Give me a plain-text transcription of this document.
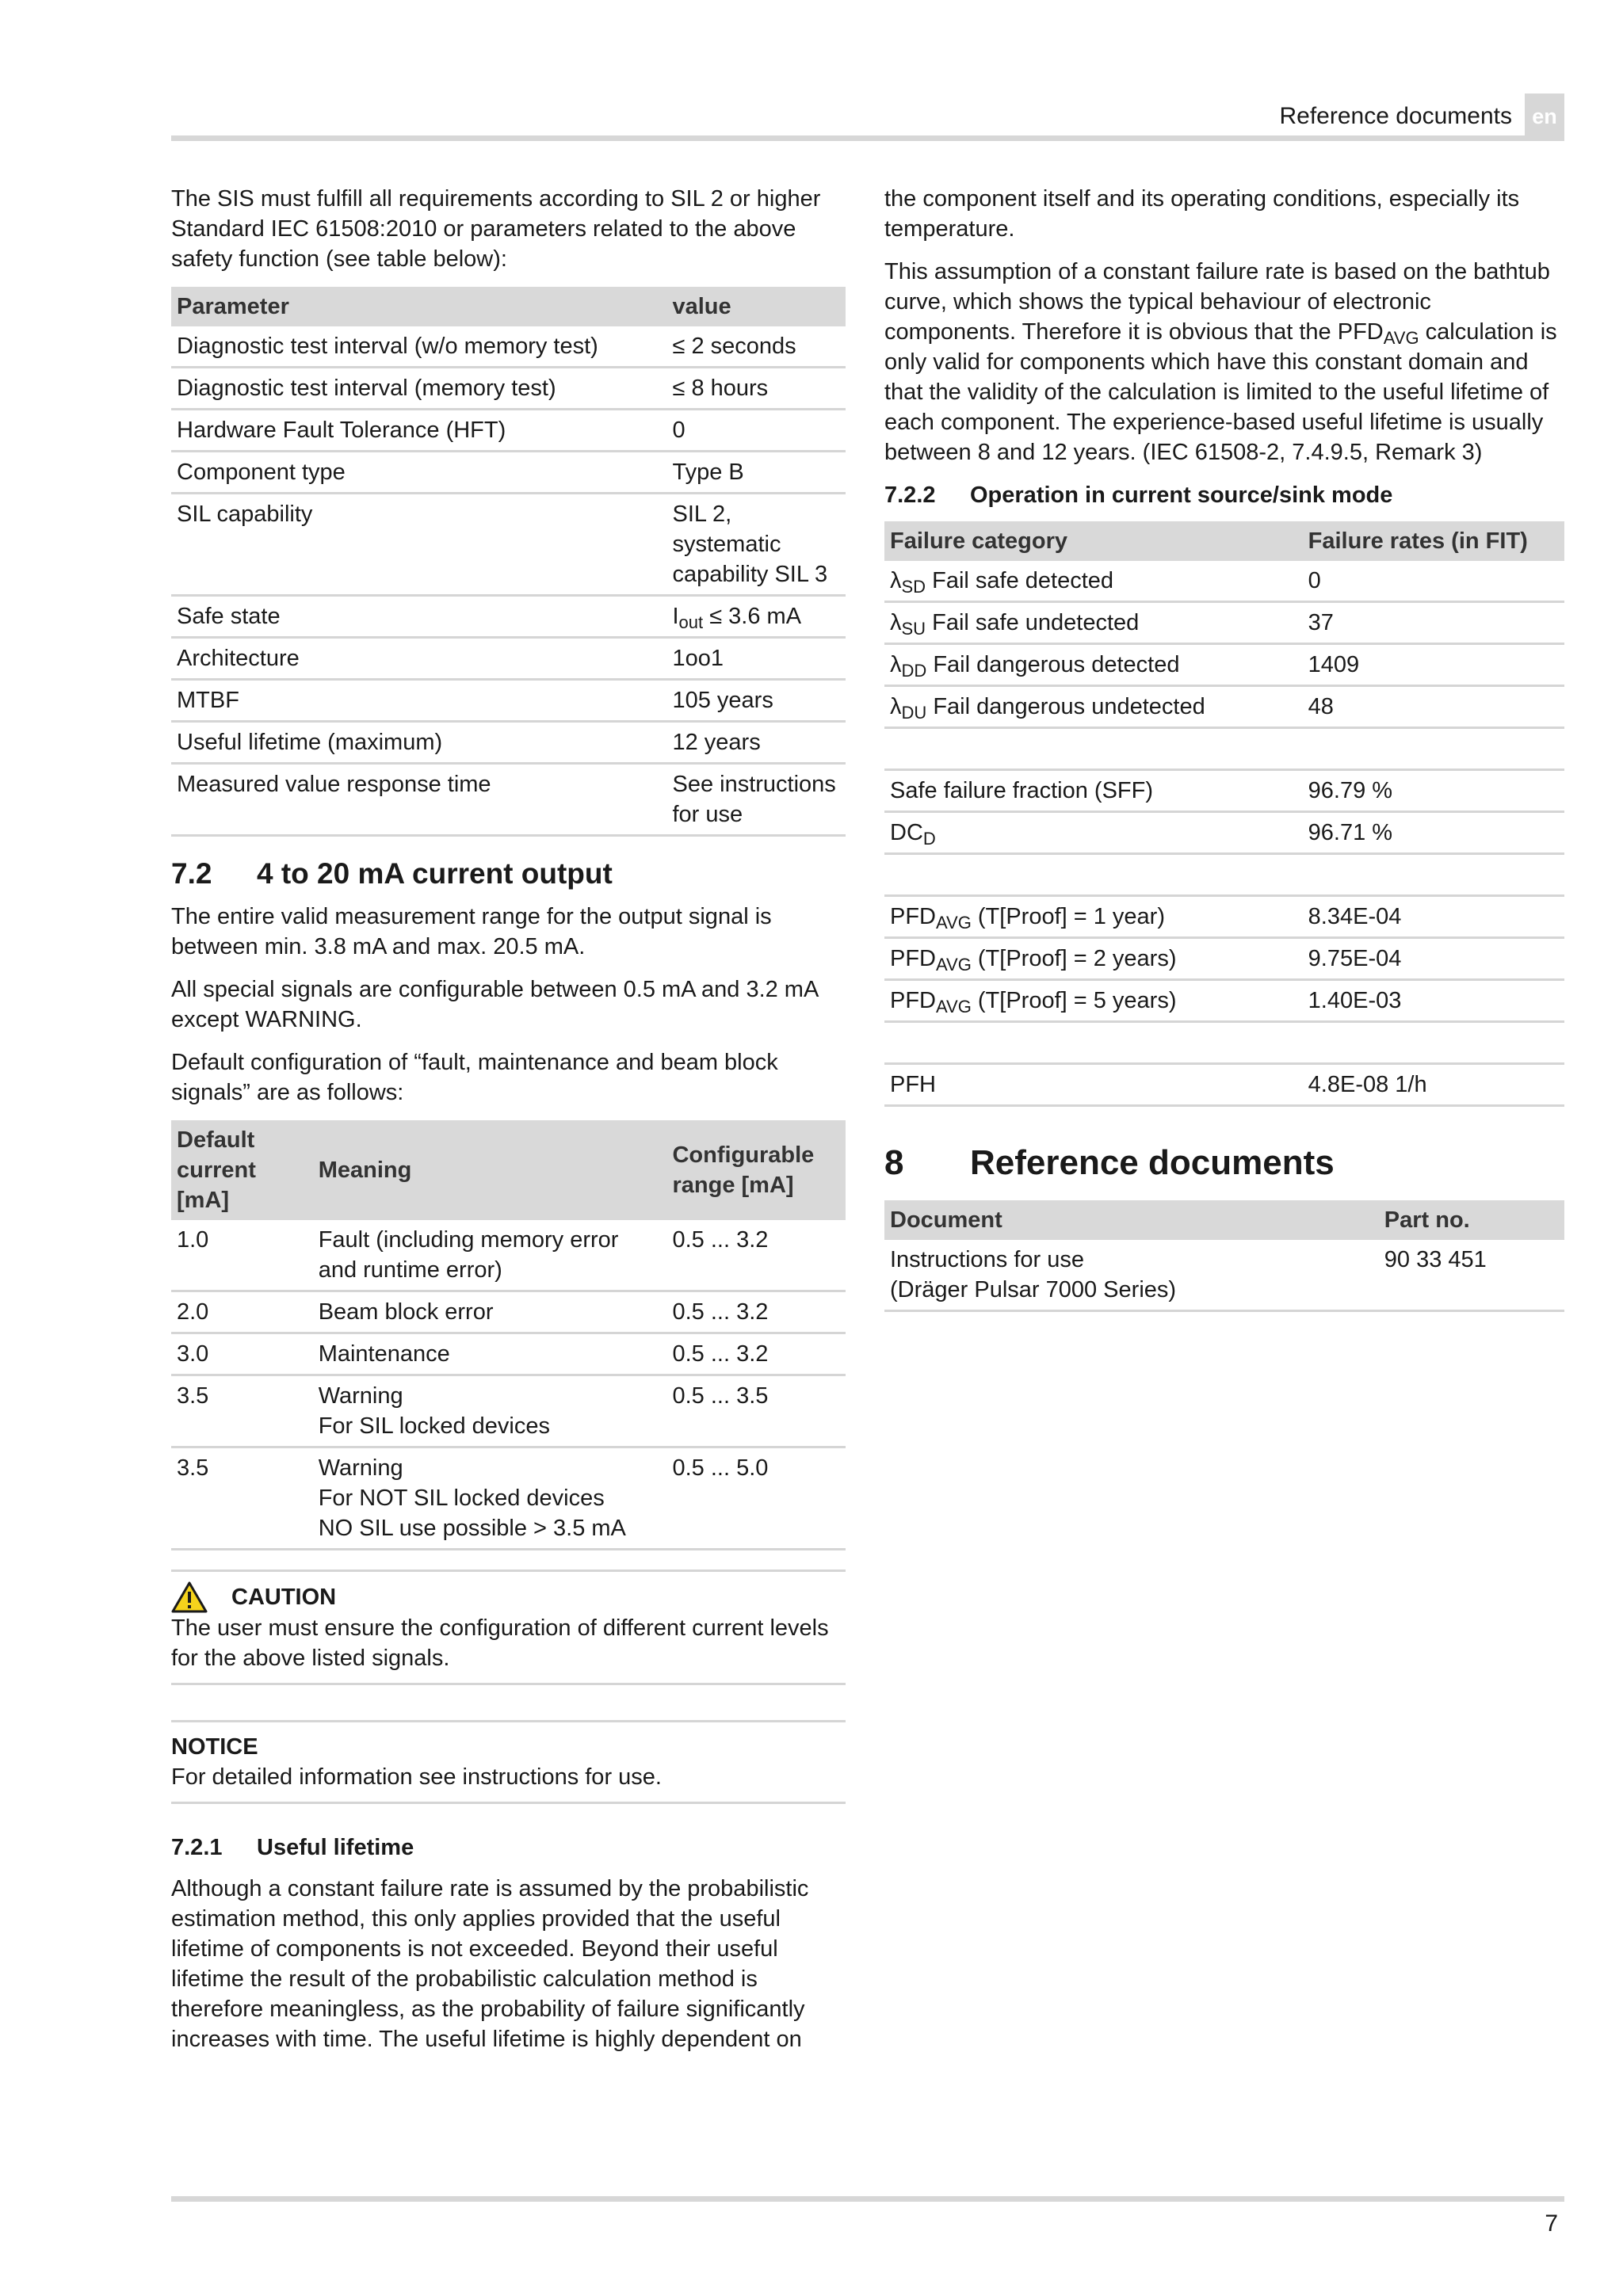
Reference documents en

The SIS must fulfill all requirements according to SIL 2 or higher Standard IEC 61508:2010 or parameters related to the above safety function (see table below):

Parameter	value
Diagnostic test interval (w/o memory test)	≤ 2 seconds
Diagnostic test interval (memory test)	≤ 8 hours
Hardware Fault Tolerance (HFT)	0
Component type	Type B
SIL capability	SIL 2, systematic capability SIL 3
Safe state	$I_{out} \le 3.6$ mA
Architecture	1oo1
MTBF	105 years
Useful lifetime (maximum)	12 years
Measured value response time	See instructions for use
7.2 4 to 20 mA current output

The entire valid measurement range for the output signal is between min. 3.8 mA and max. 20.5 mA.

All special signals are configurable between 0.5 mA and 3.2 mA except WARNING.

Default configuration of “fault, maintenance and beam block signals” are as follows:

Default current [mA]	Meaning	Configurable range [mA]
1.0	Fault (including memory error and runtime error)	0.5 ... 3.2
2.0	Beam block error	0.5 ... 3.2
3.0	Maintenance	0.5 ... 3.2
3.5	Warning
For SIL locked devices	0.5 ... 3.5
3.5	Warning
For NOT SIL locked devices
NO SIL use possible > 3.5 mA	0.5 ... 5.0
CAUTION

The user must ensure the configuration of different current levels for the above listed signals.

NOTICE

For detailed information see instructions for use.

7.2.1 Useful lifetime

Although a constant failure rate is assumed by the probabilistic estimation method, this only applies provided that the useful lifetime of components is not exceeded. Beyond their useful lifetime the result of the probabilistic calculation method is therefore meaningless, as the probability of failure significantly increases with time. The useful lifetime is highly dependent on

the component itself and its operating conditions, especially its temperature.

This assumption of a constant failure rate is based on the bathtub curve, which shows the typical behaviour of electronic components. Therefore it is obvious that the $PFD_{AVG}$ calculation is only valid for components which have this constant domain and that the validity of the calculation is limited to the useful lifetime of each component. The experience-based useful lifetime is usually between 8 and 12 years. (IEC 61508-2, 7.4.9.5, Remark 3)

7.2.2 Operation in current source/sink mode
Failure category	Failure rates (in FIT)
$\lambda_{SD}$ Fail safe detected	0
$\lambda_{SU}$ Fail safe undetected	37
$\lambda_{DD}$ Fail dangerous detected	1409
$\lambda_{DU}$ Fail dangerous undetected	48

Safe failure fraction (SFF)	96.79 %
$DC_D$	96.71 %

$PFD_{AVG}$ (T[Proof] = 1 year)	8.34E-04
$PFD_{AVG}$ (T[Proof] = 2 years)	9.75E-04
$PFD_{AVG}$ (T[Proof] = 5 years)	1.40E-03

PFH	4.8E-08 1/h
8 Reference documents
Document	Part no.
Instructions for use
(Dräger Pulsar 7000 Series)	90 33 451
7
